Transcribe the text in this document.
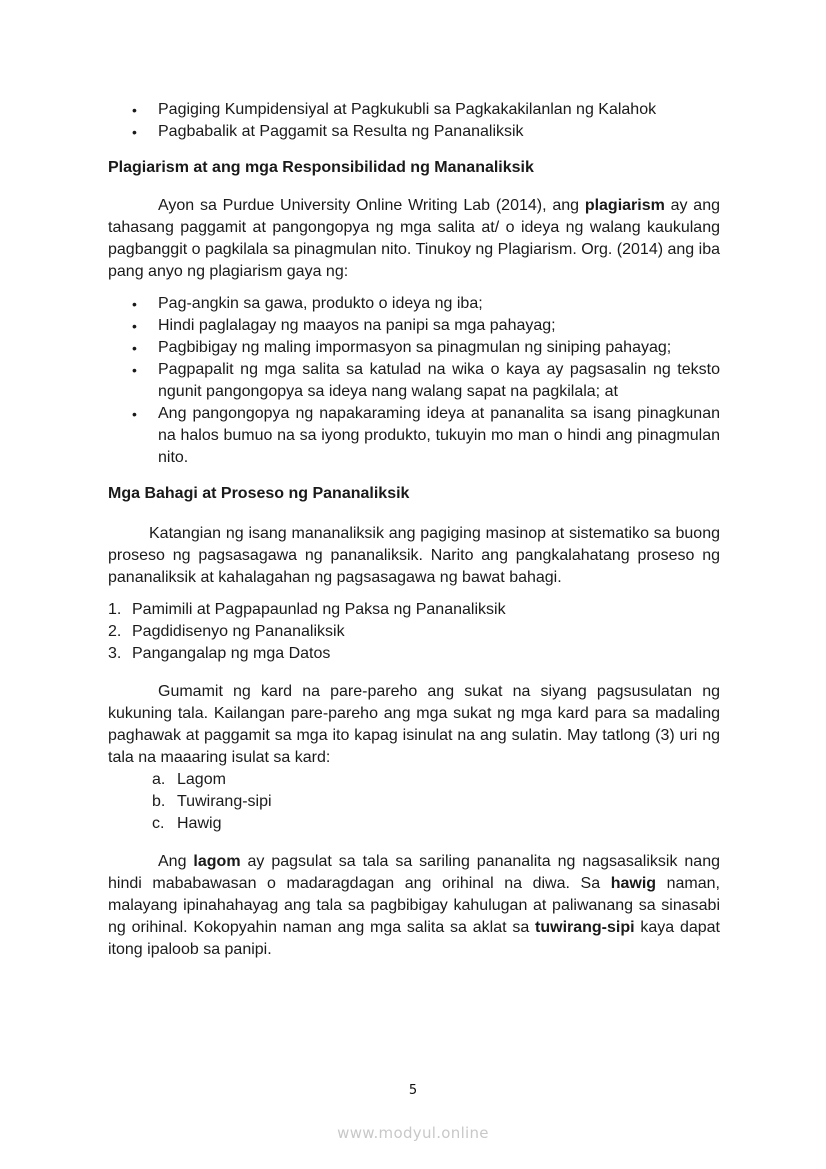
• Pagiging Kumpidensiyal at Pagkukubli sa Pagkakakilanlan ng Kalahok
• Pagbabalik at Paggamit sa Resulta ng Pananaliksik
Plagiarism at ang mga Responsibilidad ng Mananaliksik

Ayon sa Purdue University Online Writing Lab (2014), ang plagiarism ay ang tahasang paggamit at pangongopya ng mga salita at/ o ideya ng walang kaukulang pagbanggit o pagkilala sa pinagmulan nito. Tinukoy ng Plagiarism. Org. (2014) ang iba pang anyo ng plagiarism gaya ng:

• Pag-angkin sa gawa, produkto o ideya ng iba;
• Hindi paglalagay ng maayos na panipi sa mga pahayag;
• Pagbibigay ng maling impormasyon sa pinagmulan ng siniping pahayag;
• Pagpapalit ng mga salita sa katulad na wika o kaya ay pagsasalin ng teksto ngunit pangongopya sa ideya nang walang sapat na pagkilala; at
• Ang pangongopya ng napakaraming ideya at pananalita sa isang pinagkunan na halos bumuo na sa iyong produkto, tukuyin mo man o hindi ang pinagmulan nito.
Mga Bahagi at Proseso ng Pananaliksik

Katangian ng isang mananaliksik ang pagiging masinop at sistematiko sa buong proseso ng pagsasagawa ng pananaliksik. Narito ang pangkalahatang proseso ng pananaliksik at kahalagahan ng pagsasagawa ng bawat bahagi.

1. Pamimili at Pagpapaunlad ng Paksa ng Pananaliksik
2. Pagdidisenyo ng Pananaliksik
3. Pangangalap ng mga Datos

Gumamit ng kard na pare-pareho ang sukat na siyang pagsusulatan ng kukuning tala. Kailangan pare-pareho ang mga sukat ng mga kard para sa madaling paghawak at paggamit sa mga ito kapag isinulat na ang sulatin. May tatlong (3) uri ng tala na maaaring isulat sa kard:

a. Lagom
b. Tuwirang-sipi
c. Hawig

Ang lagom ay pagsulat sa tala sa sariling pananalita ng nagsasaliksik nang hindi mababawasan o madaragdagan ang orihinal na diwa. Sa hawig naman, malayang ipinahahayag ang tala sa pagbibigay kahulugan at paliwanang sa sinasabi ng orihinal. Kokopyahin naman ang mga salita sa aklat sa tuwirang-sipi kaya dapat itong ipaloob sa panipi.

5
www.modyul.online
